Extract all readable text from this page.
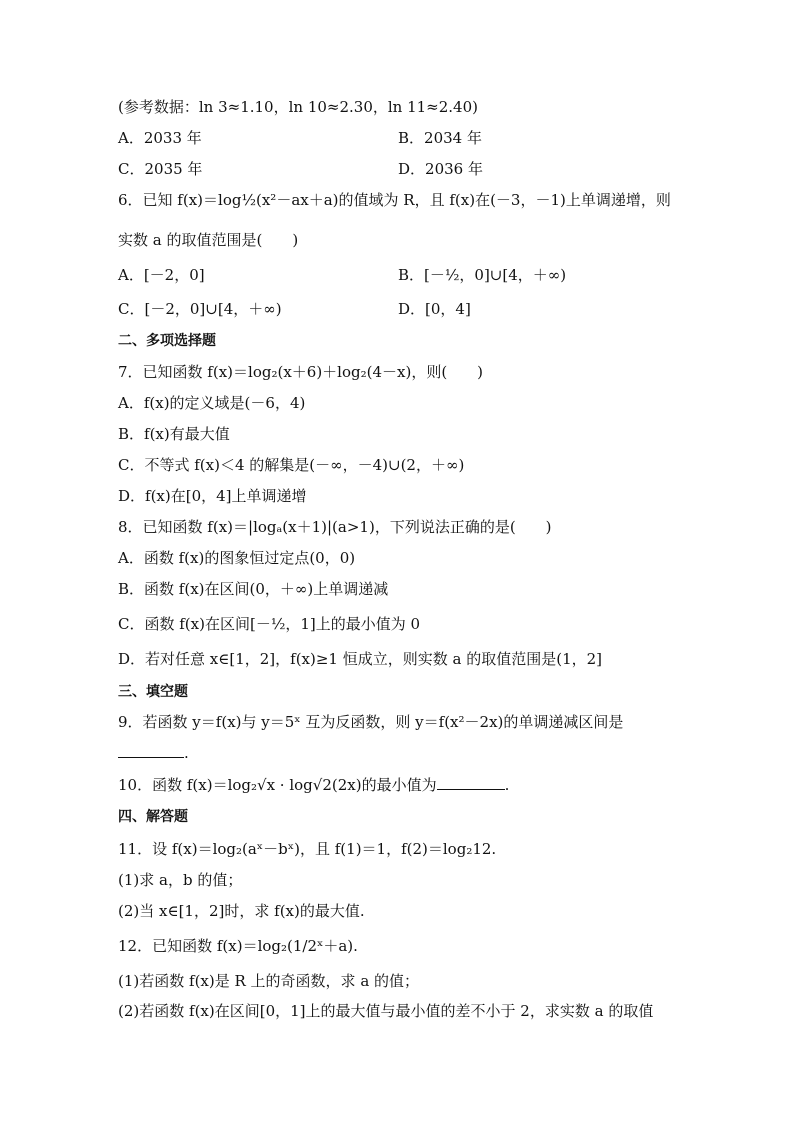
(参考数据：ln 3≈1.10，ln 10≈2.30，ln 11≈2.40)
A．2033 年	B．2034 年
C．2035 年	D．2036 年
6．已知 f(x)＝log½(x²－ax＋a)的值域为 R，且 f(x)在(－3，－1)上单调递增，则
实数 a 的取值范围是(　　)
A．[－2，0]	B．[－½，0]∪[4，＋∞)
C．[－2，0]∪[4，＋∞)	D．[0，4]
二、多项选择题
7．已知函数 f(x)＝log₂(x＋6)＋log₂(4－x)，则(　　)
A．f(x)的定义域是(－6，4)
B．f(x)有最大值
C．不等式 f(x)＜4 的解集是(－∞，－4)∪(2，＋∞)
D．f(x)在[0，4]上单调递增
8．已知函数 f(x)＝|logₐ(x＋1)|(a>1)，下列说法正确的是(　　)
A．函数 f(x)的图象恒过定点(0，0)
B．函数 f(x)在区间(0，＋∞)上单调递减
C．函数 f(x)在区间[－½，1]上的最小值为 0
D．若对任意 x∈[1，2]，f(x)≥1 恒成立，则实数 a 的取值范围是(1，2]
三、填空题
9．若函数 y＝f(x)与 y＝5ˣ 互为反函数，则 y＝f(x²－2x)的单调递减区间是
.
10．函数 f(x)＝log₂√x · log√2(2x)的最小值为	.
四、解答题
11．设 f(x)＝log₂(aˣ－bˣ)，且 f(1)＝1，f(2)＝log₂12.
(1)求 a，b 的值；
(2)当 x∈[1，2]时，求 f(x)的最大值.
12．已知函数 f(x)＝log₂(1/2ˣ＋a).
(1)若函数 f(x)是 R 上的奇函数，求 a 的值；
(2)若函数 f(x)在区间[0，1]上的最大值与最小值的差不小于 2，求实数 a 的取值
